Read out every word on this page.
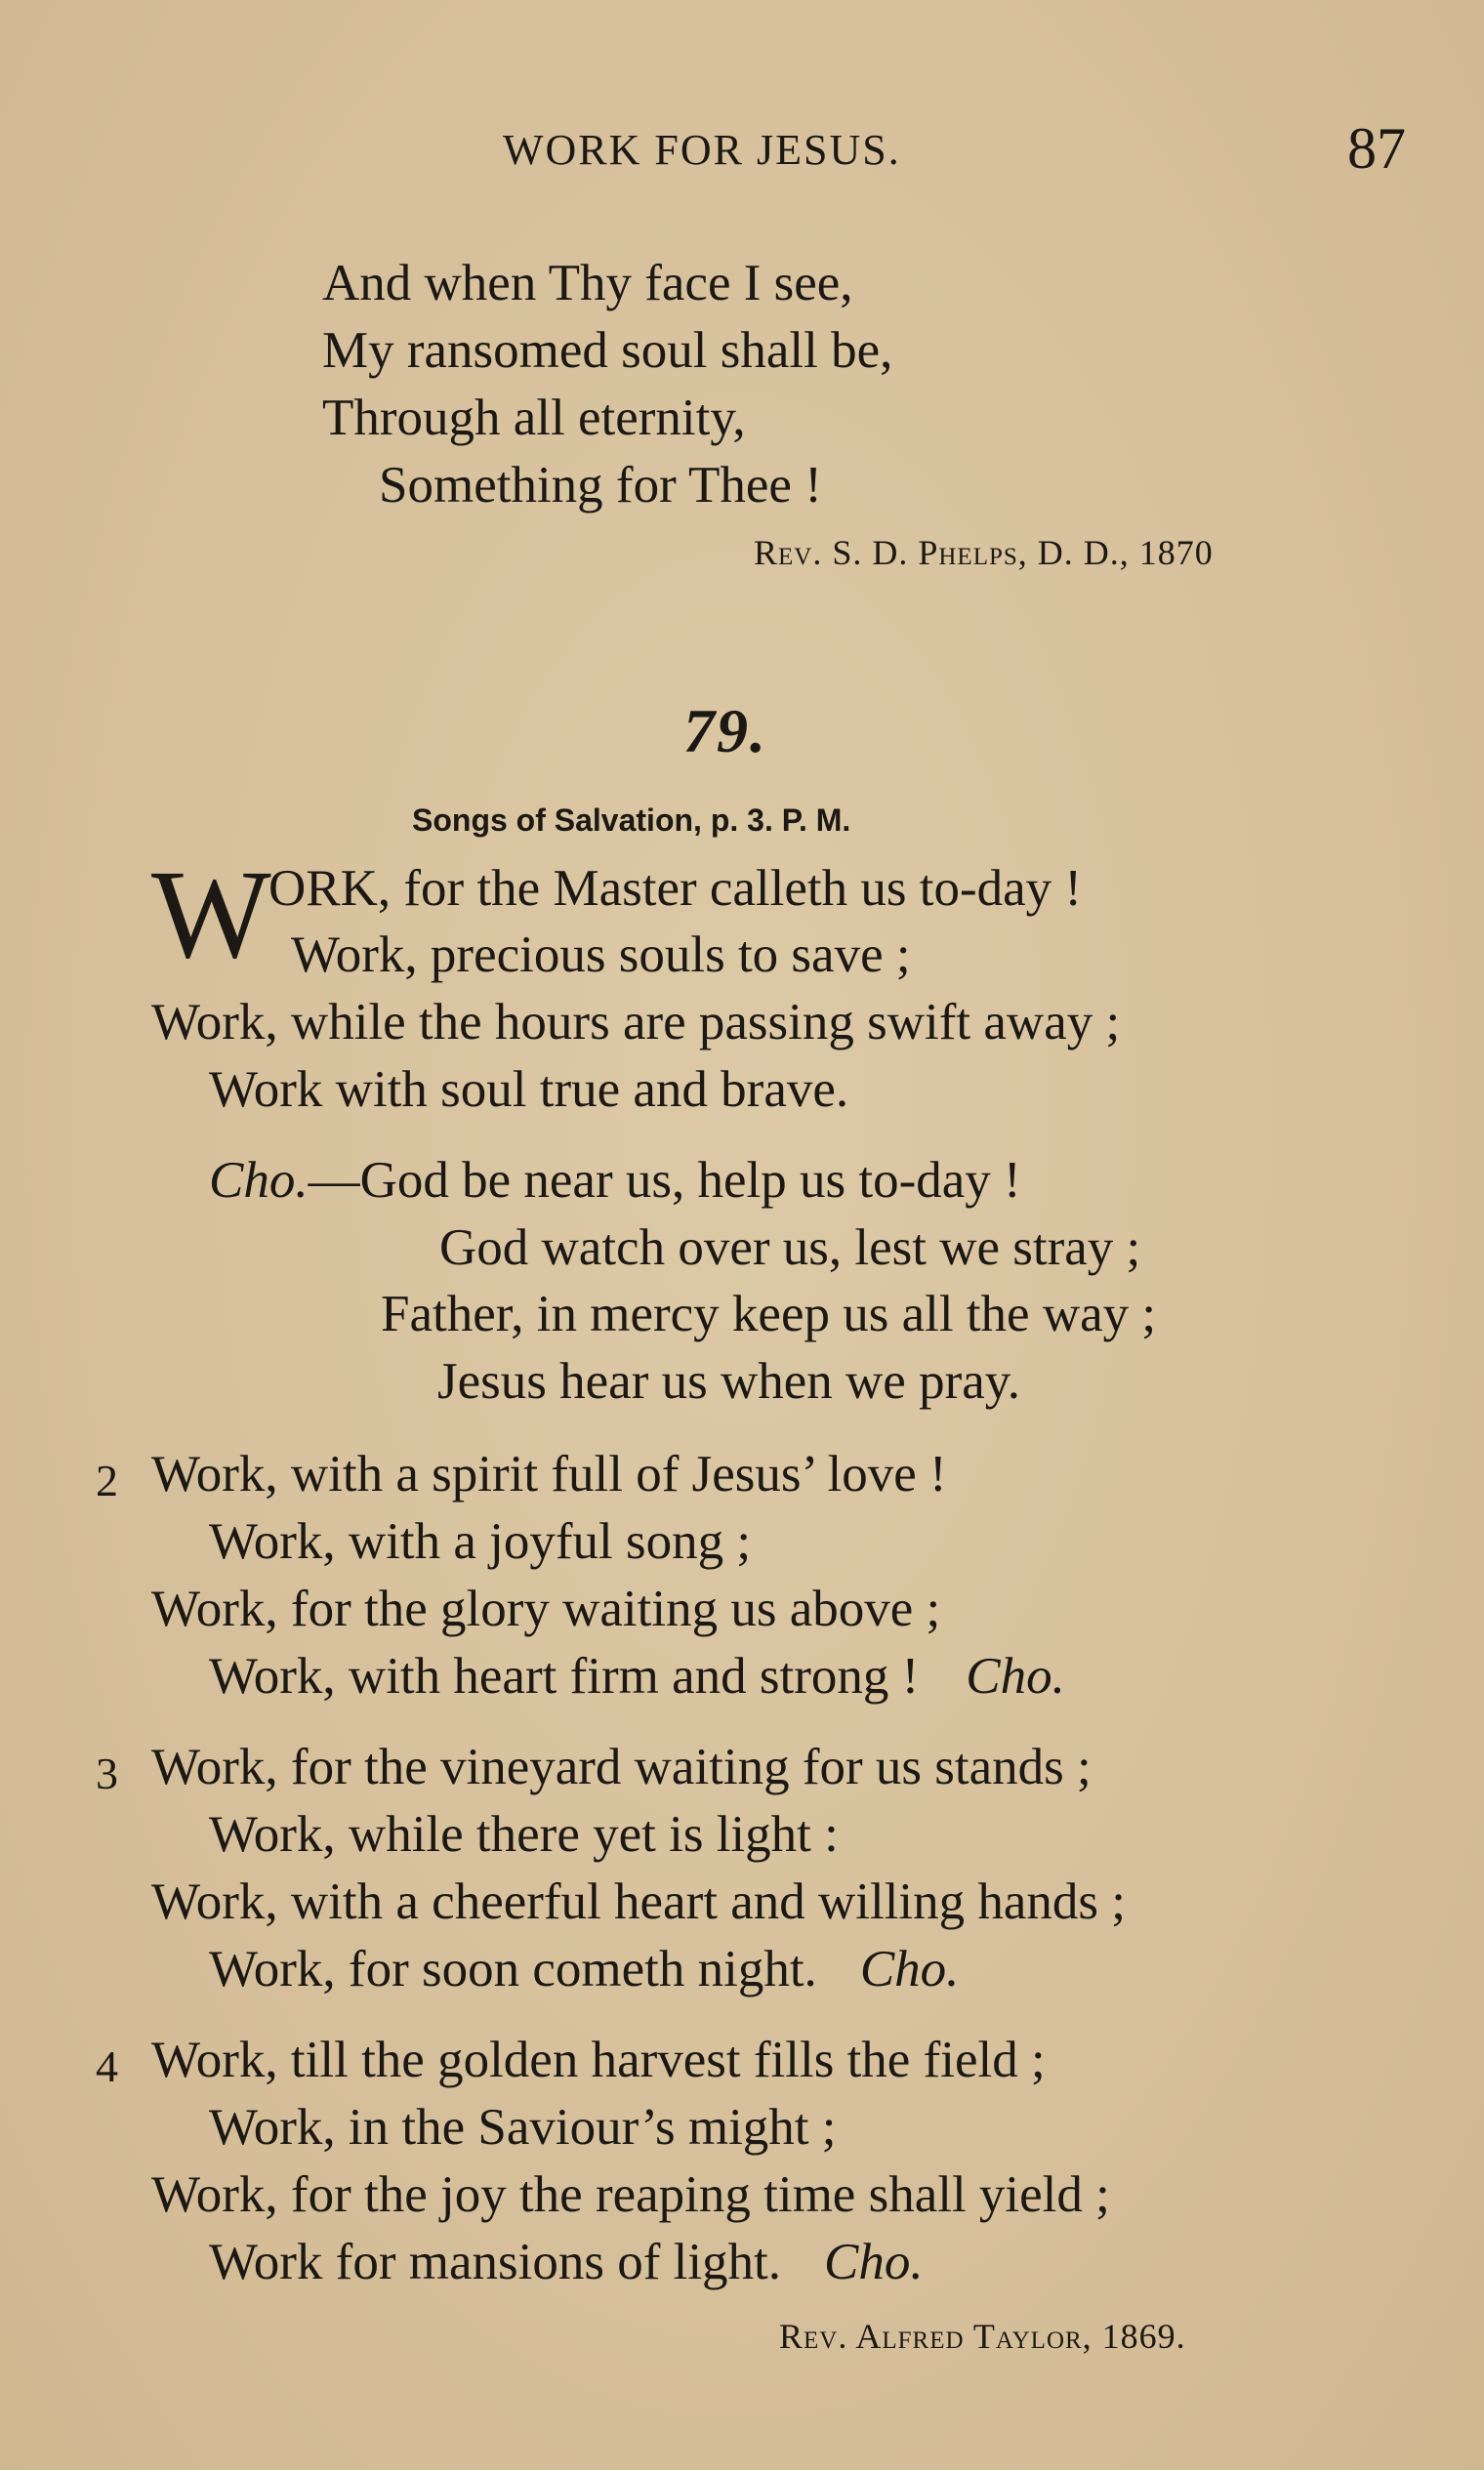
WORK FOR JESUS.	87
And when Thy face I see,
My ransomed soul shall be,
Through all eternity,
Something for Thee !
Rev. S. D. Phelps, D. D., 1870
79.
Songs of Salvation, p. 3. P. M.
W
ORK, for the Master calleth us to-day !
Work, precious souls to save ;
Work, while the hours are passing swift away ;
Work with soul true and brave.
Cho.—God be near us, help us to-day !
God watch over us, lest we stray ;
Father, in mercy keep us all the way ;
Jesus hear us when we pray.
2 Work, with a spirit full of Jesus’ love !
Work, with a joyful song ;
Work, for the glory waiting us above ;
Work, with heart firm and strong ! Cho.
3 Work, for the vineyard waiting for us stands ;
Work, while there yet is light :
Work, with a cheerful heart and willing hands ;
Work, for soon cometh night. Cho.
4 Work, till the golden harvest fills the field ;
Work, in the Saviour’s might ;
Work, for the joy the reaping time shall yield ;
Work for mansions of light. Cho.
Rev. Alfred Taylor, 1869.
